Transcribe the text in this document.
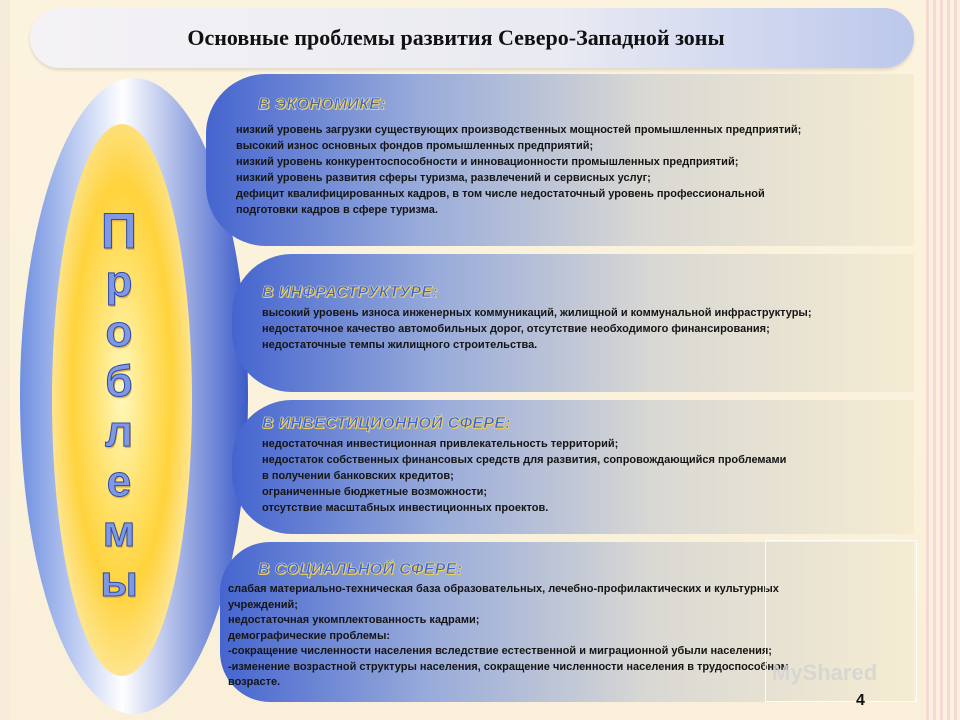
Основные проблемы развития Северо-Западной зоны
П
р
о
б
л
е
м
ы
В ЭКОНОМИКЕ:
низкий уровень загрузки существующих производственных мощностей промышленных предприятий;
высокий износ основных фондов промышленных предприятий;
низкий уровень конкурентоспособности и инновационности промышленных предприятий;
низкий уровень развития сферы туризма, развлечений и сервисных услуг;
дефицит квалифицированных кадров, в том числе недостаточный уровень профессиональной
подготовки кадров в сфере туризма.
В ИНФРАСТРУКТУРЕ:
высокий уровень износа инженерных коммуникаций, жилищной и коммунальной инфраструктуры;
недостаточное качество автомобильных дорог, отсутствие необходимого финансирования;
недостаточные темпы жилищного строительства.
В ИНВЕСТИЦИОННОЙ СФЕРЕ:
недостаточная инвестиционная привлекательность территорий;
недостаток собственных финансовых средств для развития, сопровождающийся проблемами
в получении банковских кредитов;
ограниченные бюджетные возможности;
отсутствие масштабных инвестиционных проектов.
В СОЦИАЛЬНОЙ СФЕРЕ:
слабая материально-техническая база образовательных, лечебно-профилактических и культурных
учреждений;
недостаточная укомплектованность кадрами;
демографические проблемы:
-сокращение численности населения вследствие естественной и миграционной убыли населения;
-изменение возрастной структуры населения, сокращение численности населения в трудоспособном
возрасте.	MyShared
4
